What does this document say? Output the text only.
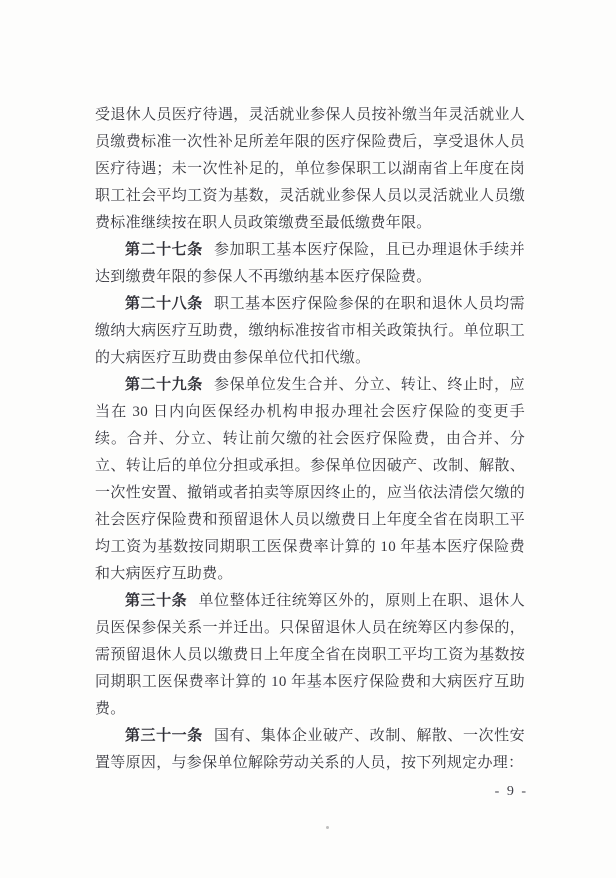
受退休人员医疗待遇，灵活就业参保人员按补缴当年灵活就业人员缴费标准一次性补足所差年限的医疗保险费后，享受退休人员医疗待遇；未一次性补足的，单位参保职工以湖南省上年度在岗职工社会平均工资为基数，灵活就业参保人员以灵活就业人员缴费标准继续按在职人员政策缴费至最低缴费年限。

第二十七条 参加职工基本医疗保险，且已办理退休手续并达到缴费年限的参保人不再缴纳基本医疗保险费。

第二十八条 职工基本医疗保险参保的在职和退休人员均需缴纳大病医疗互助费，缴纳标准按省市相关政策执行。单位职工的大病医疗互助费由参保单位代扣代缴。

第二十九条 参保单位发生合并、分立、转让、终止时，应当在 30 日内向医保经办机构申报办理社会医疗保险的变更手续。合并、分立、转让前欠缴的社会医疗保险费，由合并、分立、转让后的单位分担或承担。参保单位因破产、改制、解散、一次性安置、撤销或者拍卖等原因终止的，应当依法清偿欠缴的社会医疗保险费和预留退休人员以缴费日上年度全省在岗职工平均工资为基数按同期职工医保费率计算的 10 年基本医疗保险费和大病医疗互助费。

第三十条 单位整体迁往统筹区外的，原则上在职、退休人员医保参保关系一并迁出。只保留退休人员在统筹区内参保的，需预留退休人员以缴费日上年度全省在岗职工平均工资为基数按同期职工医保费率计算的 10 年基本医疗保险费和大病医疗互助费。

第三十一条 国有、集体企业破产、改制、解散、一次性安置等原因，与参保单位解除劳动关系的人员，按下列规定办理：

- 9 -
